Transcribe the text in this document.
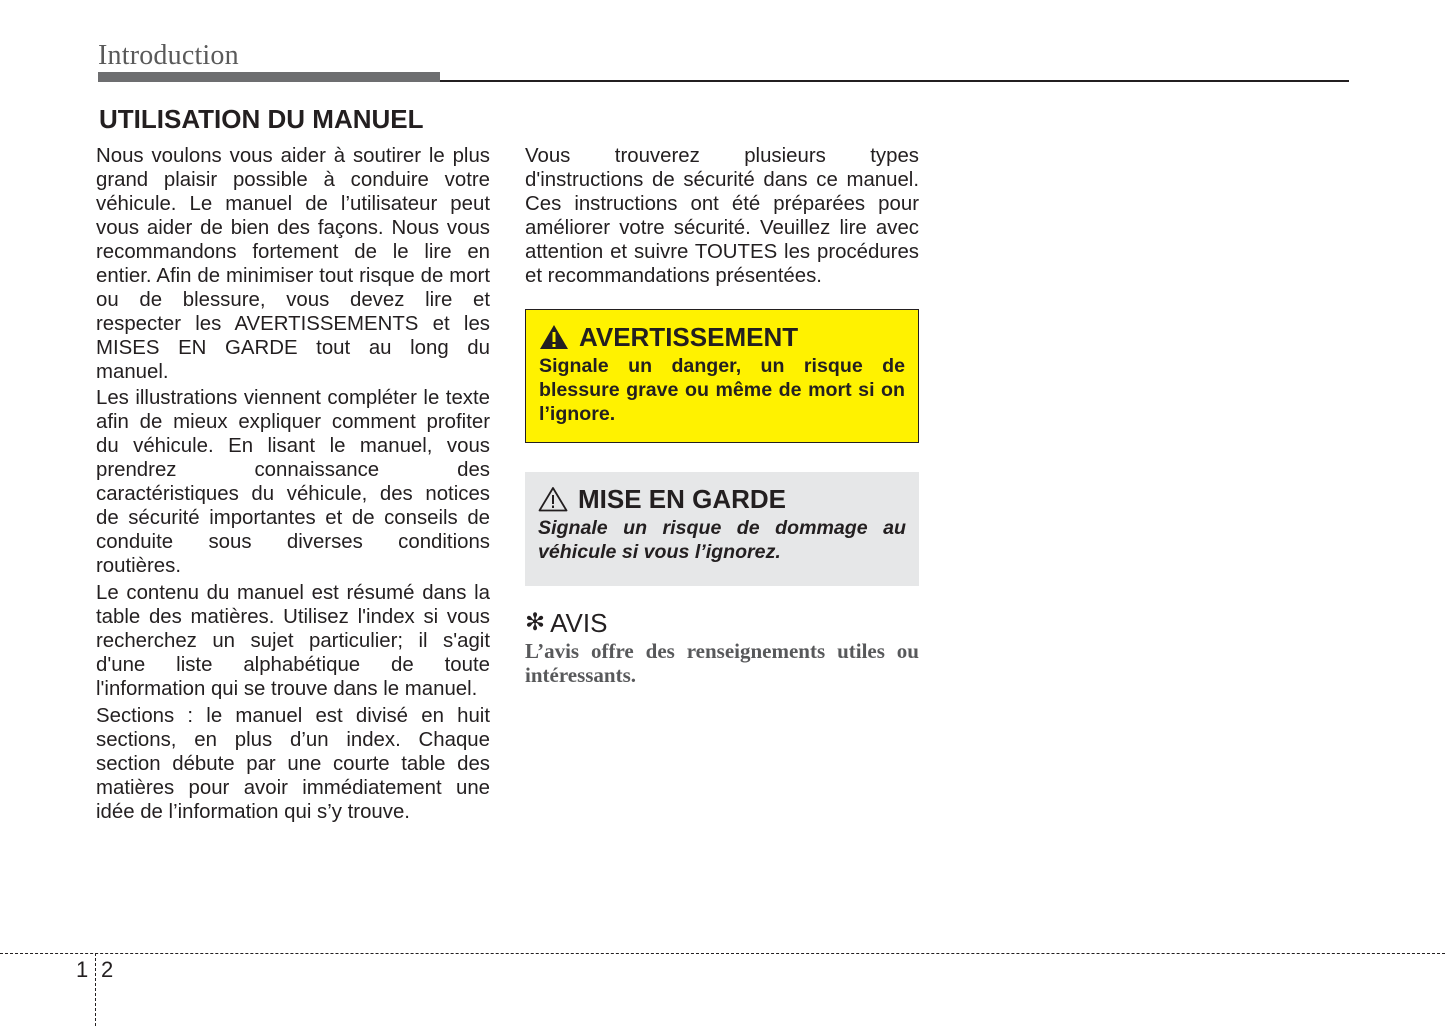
Introduction
UTILISATION DU MANUEL

Nous voulons vous aider à soutirer le plus grand plaisir possible à conduire votre véhicule. Le manuel de l’utilisateur peut vous aider de bien des façons. Nous vous recommandons fortement de le lire en entier. Afin de minimiser tout risque de mort ou de blessure, vous devez lire et respecter les AVERTISSEMENTS et les MISES EN GARDE tout au long du manuel.

Les illustrations viennent compléter le texte afin de mieux expliquer comment profiter du véhicule. En lisant le manuel, vous prendrez connaissance des caractéristiques du véhicule, des notices de sécurité importantes et de conseils de conduite sous diverses conditions routières.

Le contenu du manuel est résumé dans la table des matières. Utilisez l'index si vous recherchez un sujet particulier; il s'agit d'une liste alphabétique de toute l'information qui se trouve dans le manuel.

Sections : le manuel est divisé en huit sections, en plus d’un index. Chaque section débute par une courte table des matières pour avoir immédiatement une idée de l’information qui s’y trouve.

Vous trouverez plusieurs types d'instructions de sécurité dans ce manuel. Ces instructions ont été préparées pour améliorer votre sécurité. Veuillez lire avec attention et suivre TOUTES les procédures et recommandations présentées.

AVERTISSEMENT
Signale un danger, un risque de blessure grave ou même de mort si on l’ignore.
MISE EN GARDE
Signale un risque de dommage au véhicule si vous l’ignorez.
✻ AVIS
L’avis offre des renseignements utiles ou intéressants.
1 2
